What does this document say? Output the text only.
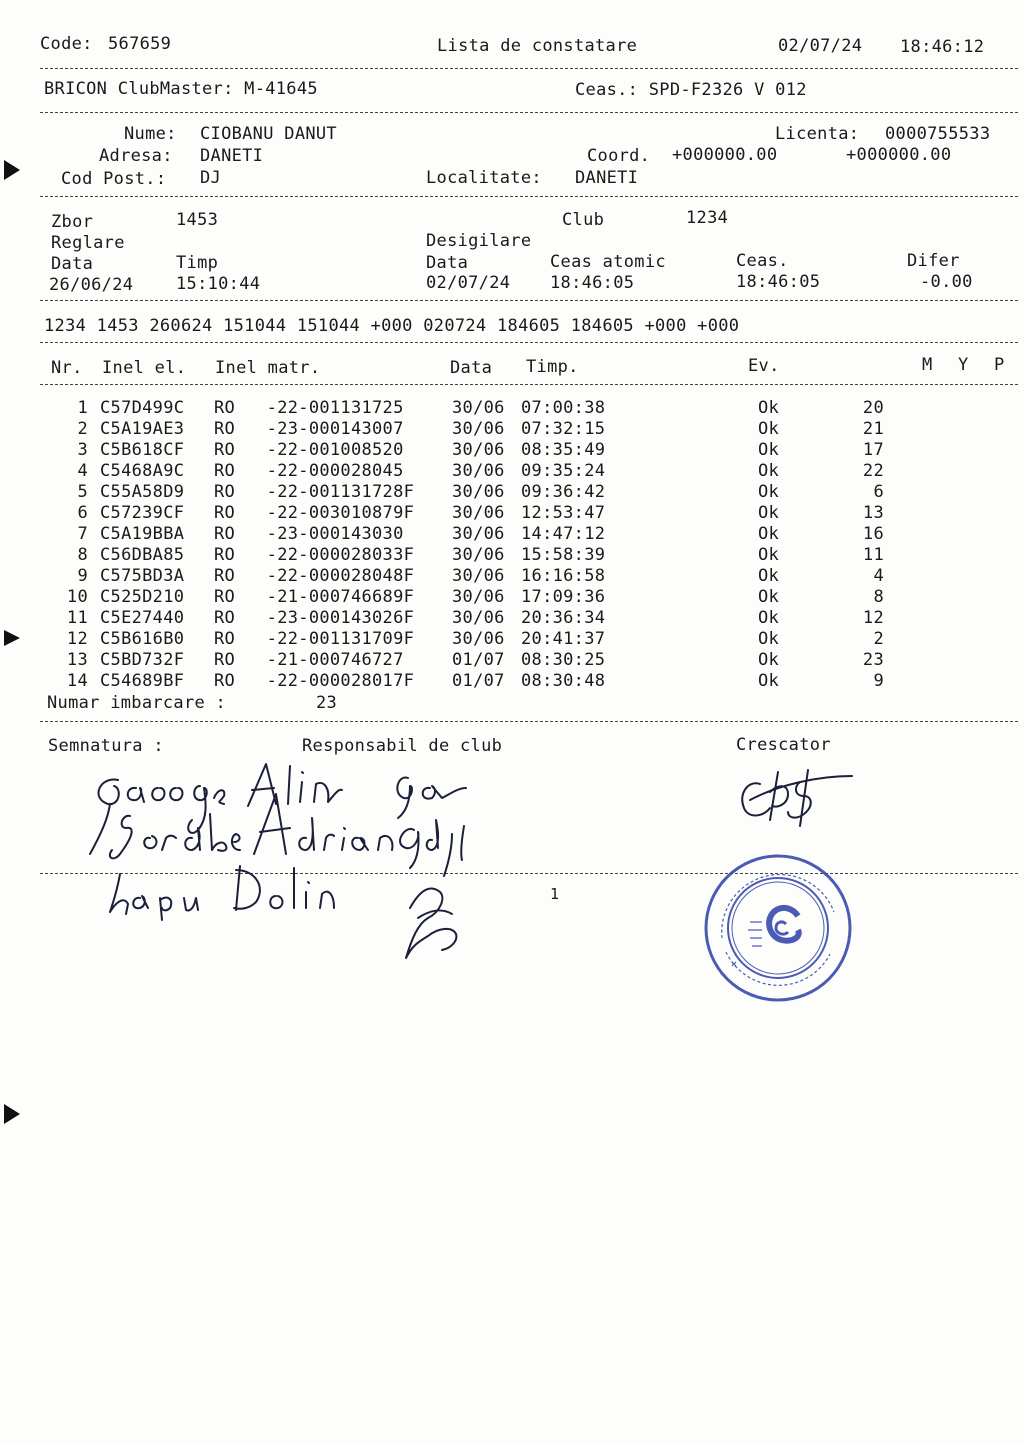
Code: 567659	Lista de constatare	02/07/24 18:46:12
BRICON ClubMaster: M-41645	Ceas.: SPD-F2326 V 012
Nume: CIOBANU DANUT	Licenta: 0000755533
Adresa: DANETI	Coord. +000000.00	+000000.00
Cod Post.: DJ	Localitate: DANETI
Zbor	1453	Club	1234
Reglare	Desigilare
Data	Timp	Data	Ceas atomic	Ceas.	Difer
26/06/24	15:10:44	02/07/24 18:46:05	18:46:05	-0.00
1234 1453 260624 151044 151044 +000 020724 184605 184605 +000 +000
Nr. Inel el. Inel matr.	Data Timp.	Ev.	M Y P
1 C57D499C RO   -22-001131725	30/06 07:00:38	Ok	20
2 C5A19AE3 RO   -23-000143007	30/06 07:32:15	Ok	21
3 C5B618CF RO   -22-001008520	30/06 08:35:49	Ok	17
4 C5468A9C RO   -22-000028045	30/06 09:35:24	Ok	22
5 C55A58D9 RO   -22-001131728F 30/06 09:36:42	Ok	6
6 C57239CF RO   -22-003010879F 30/06 12:53:47	Ok	13
7 C5A19BBA RO   -23-000143030	30/06 14:47:12	Ok	16
8 C56DBA85 RO   -22-000028033F 30/06 15:58:39	Ok	11
9 C575BD3A RO   -22-000028048F 30/06 16:16:58	Ok	4
10 C525D210 RO   -21-000746689F 30/06 17:09:36	Ok	8
11 C5E27440 RO   -23-000143026F 30/06 20:36:34	Ok	12
12 C5B616B0 RO   -22-001131709F 30/06 20:41:37	Ok	2
13 C5BD732F RO   -21-000746727	01/07 08:30:25	Ok	23
14 C54689BF RO   -22-000028017F 01/07 08:30:48	Ok	9
Numar imbarcare :	23
Semnatura :	Responsabil de club	Crescator
1
